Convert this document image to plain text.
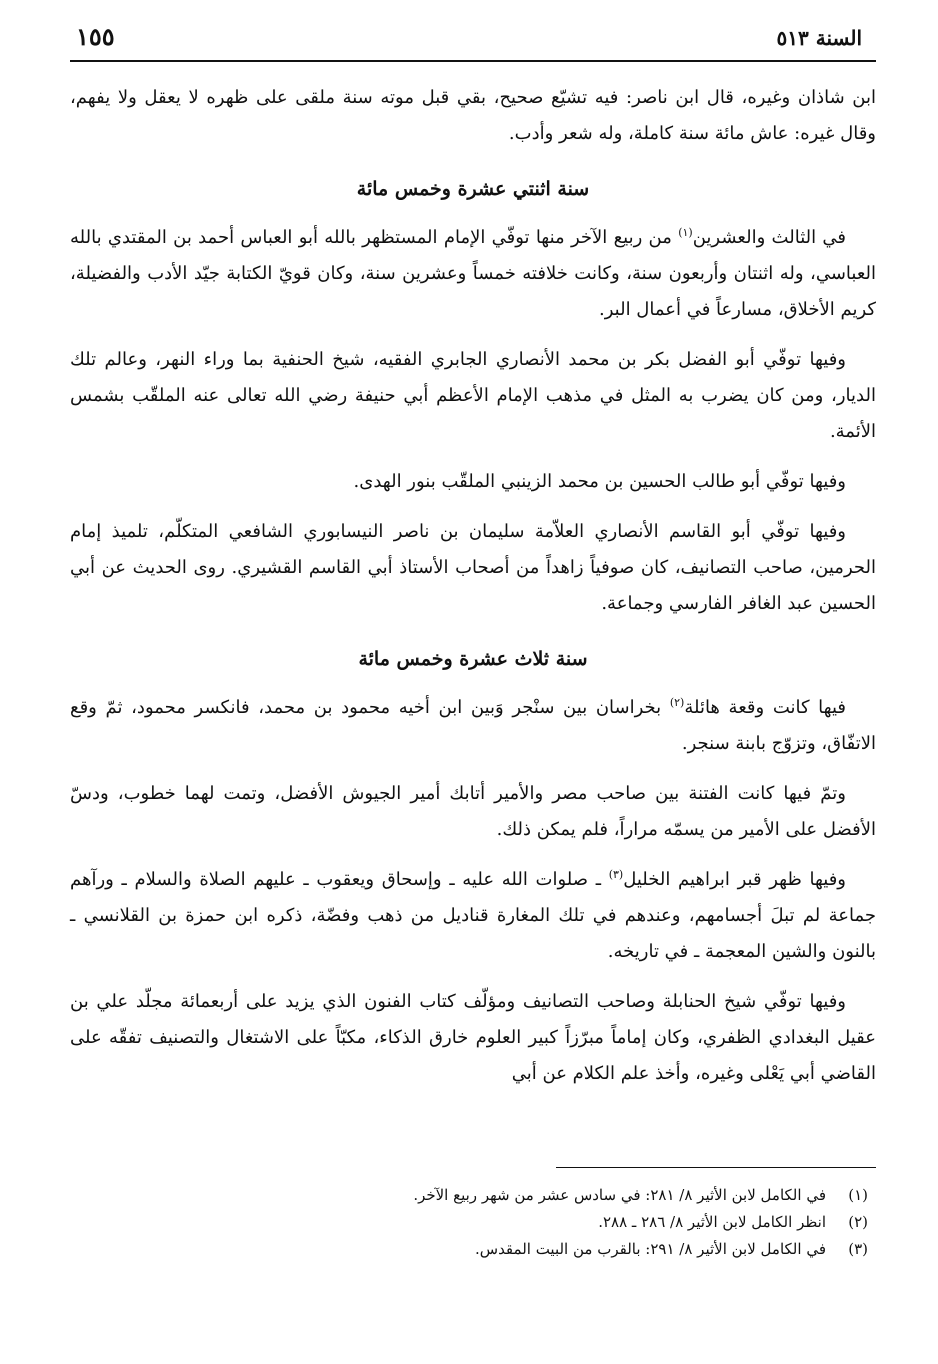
السنة ٥١٣
١٥٥

ابن شاذان وغيره، قال ابن ناصر: فيه تشيّع صحيح، بقي قبل موته سنة ملقى على ظهره لا يعقل ولا يفهم، وقال غيره: عاش مائة سنة كاملة، وله شعر وأدب.

سنة اثنتي عشرة وخمس مائة

في الثالث والعشرين$^{(١)}$ من ربيع الآخر منها توفّي الإمام المستظهر بالله أبو العباس أحمد بن المقتدي بالله العباسي، وله اثنتان وأربعون سنة، وكانت خلافته خمساً وعشرين سنة، وكان قويّ الكتابة جيّد الأدب والفضيلة، كريم الأخلاق، مسارعاً في أعمال البر.

وفيها توفّي أبو الفضل بكر بن محمد الأنصاري الجابري الفقيه، شيخ الحنفية بما وراء النهر، وعالم تلك الديار، ومن كان يضرب به المثل في مذهب الإمام الأعظم أبي حنيفة رضي الله تعالى عنه الملقّب بشمس الأئمة.

وفيها توفّي أبو طالب الحسين بن محمد الزينبي الملقّب بنور الهدى.

وفيها توفّي أبو القاسم الأنصاري العلاّمة سليمان بن ناصر النيسابوري الشافعي المتكلّم، تلميذ إمام الحرمين، صاحب التصانيف، كان صوفياً زاهداً من أصحاب الأستاذ أبي القاسم القشيري. روى الحديث عن أبي الحسين عبد الغافر الفارسي وجماعة.

سنة ثلاث عشرة وخمس مائة

فيها كانت وقعة هائلة$^{(٢)}$ بخراسان بين سنْجر وَبين ابن أخيه محمود بن محمد، فانكسر محمود، ثمّ وقع الاتفّاق، وتزوّج بابنة سنجر.

وتمّ فيها كانت الفتنة بين صاحب مصر والأمير أتابك أمير الجيوش الأفضل، وتمت لهما خطوب، ودسّ الأفضل على الأمير من يسمّه مراراً، فلم يمكن ذلك.

وفيها ظهر قبر ابراهيم الخليل$^{(٣)}$ ـ صلوات الله عليه ـ وإسحاق ويعقوب ـ عليهم الصلاة والسلام ـ ورآهم جماعة لم تبلَ أجسامهم، وعندهم في تلك المغارة قناديل من ذهب وفضّة، ذكره ابن حمزة بن القلانسي ـ بالنون والشين المعجمة ـ في تاريخه.

وفيها توفّي شيخ الحنابلة وصاحب التصانيف ومؤلّف كتاب الفنون الذي يزيد على أربعمائة مجلّد علي بن عقيل البغدادي الظفري، وكان إماماً مبرّزاً كبير العلوم خارق الذكاء، مكبّاً على الاشتغال والتصنيف تفقّه على القاضي أبي يَعْلى وغيره، وأخذ علم الكلام عن أبي

(١)
في الكامل لابن الأثير ٨/ ٢٨١: في سادس عشر من شهر ربيع الآخر.
(٢)
انظر الكامل لابن الأثير ٨/ ٢٨٦ ـ ٢٨٨.
(٣)
في الكامل لابن الأثير ٨/ ٢٩١: بالقرب من البيت المقدس.
